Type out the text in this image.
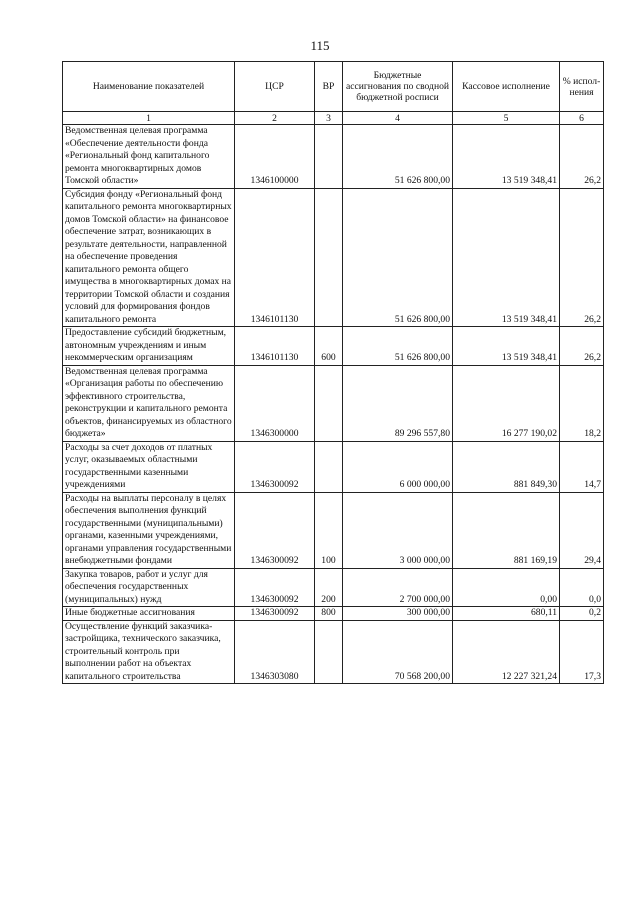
115
Наименование показателей	ЦСР	ВР	Бюджетные ассигнования по сводной бюджетной росписи	Кассовое исполнение	% испол-нения
1	2	3	4	5	6
Ведомственная целевая программа «Обеспечение деятельности фонда «Региональный фонд капитального ремонта многоквартирных домов Томской области»	1346100000		51 626 800,00	13 519 348,41	26,2
Субсидия фонду «Региональный фонд капитального ремонта многоквартирных домов Томской области» на финансовое обеспечение затрат, возникающих в результате деятельности, направленной на обеспечение проведения капитального ремонта общего имущества в многоквартирных домах на территории Томской области и создания условий для формирования фондов капитального ремонта	1346101130		51 626 800,00	13 519 348,41	26,2
Предоставление субсидий бюджетным, автономным учреждениям и иным некоммерческим организациям	1346101130	600	51 626 800,00	13 519 348,41	26,2
Ведомственная целевая программа «Организация работы по обеспечению эффективного строительства, реконструкции и капитального ремонта объектов, финансируемых из областного бюджета»	1346300000		89 296 557,80	16 277 190,02	18,2
Расходы за счет доходов от платных услуг, оказываемых областными государственными казенными учреждениями	1346300092		6 000 000,00	881 849,30	14,7
Расходы на выплаты персоналу в целях обеспечения выполнения функций государственными (муниципальными) органами, казенными учреждениями, органами управления государственными внебюджетными фондами	1346300092	100	3 000 000,00	881 169,19	29,4
Закупка товаров, работ и услуг для обеспечения государственных (муниципальных) нужд	1346300092	200	2 700 000,00	0,00	0,0
Иные бюджетные ассигнования	1346300092	800	300 000,00	680,11	0,2
Осуществление функций заказчика-застройщика, технического заказчика, строительный контроль при выполнении работ на объектах капитального строительства	1346303080		70 568 200,00	12 227 321,24	17,3
